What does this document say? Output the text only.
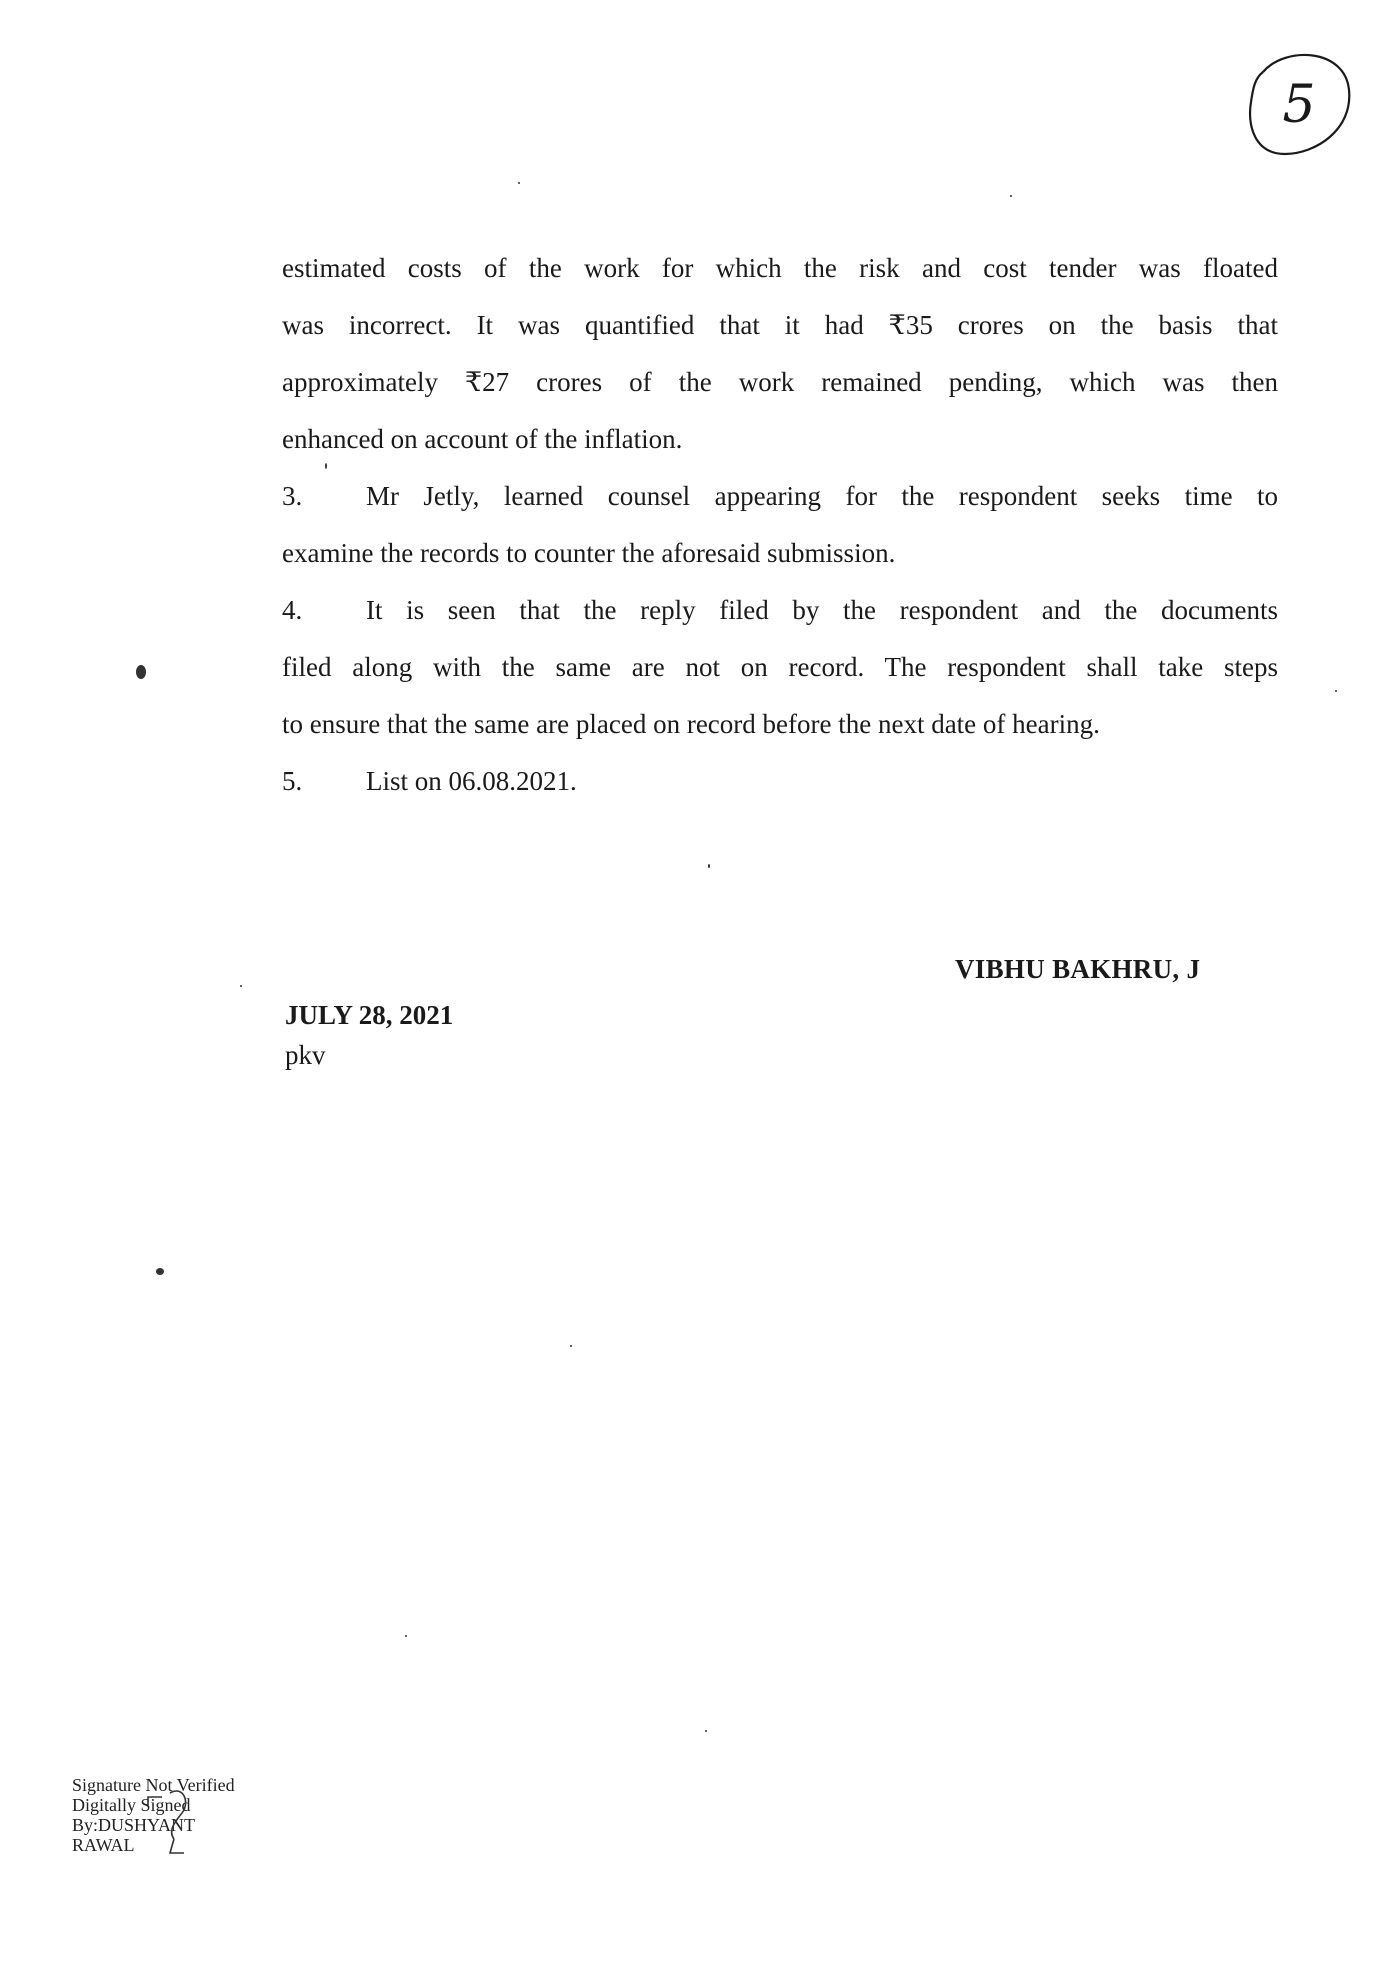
5
estimated costs of the work for which the risk and cost tender was floated
was incorrect. It was quantified that it had ₹35 crores on the basis that
approximately ₹27 crores of the work remained pending, which was then
enhanced on account of the inflation.
3. Mr Jetly, learned counsel appearing for the respondent seeks time to
examine the records to counter the aforesaid submission.
4. It is seen that the reply filed by the respondent and the documents
filed along with the same are not on record. The respondent shall take steps
to ensure that the same are placed on record before the next date of hearing.
5. List on 06.08.2021.
VIBHU BAKHRU, J
JULY 28, 2021
pkv
Signature Not Verified
Digitally Signed
By:DUSHYANT
RAWAL
